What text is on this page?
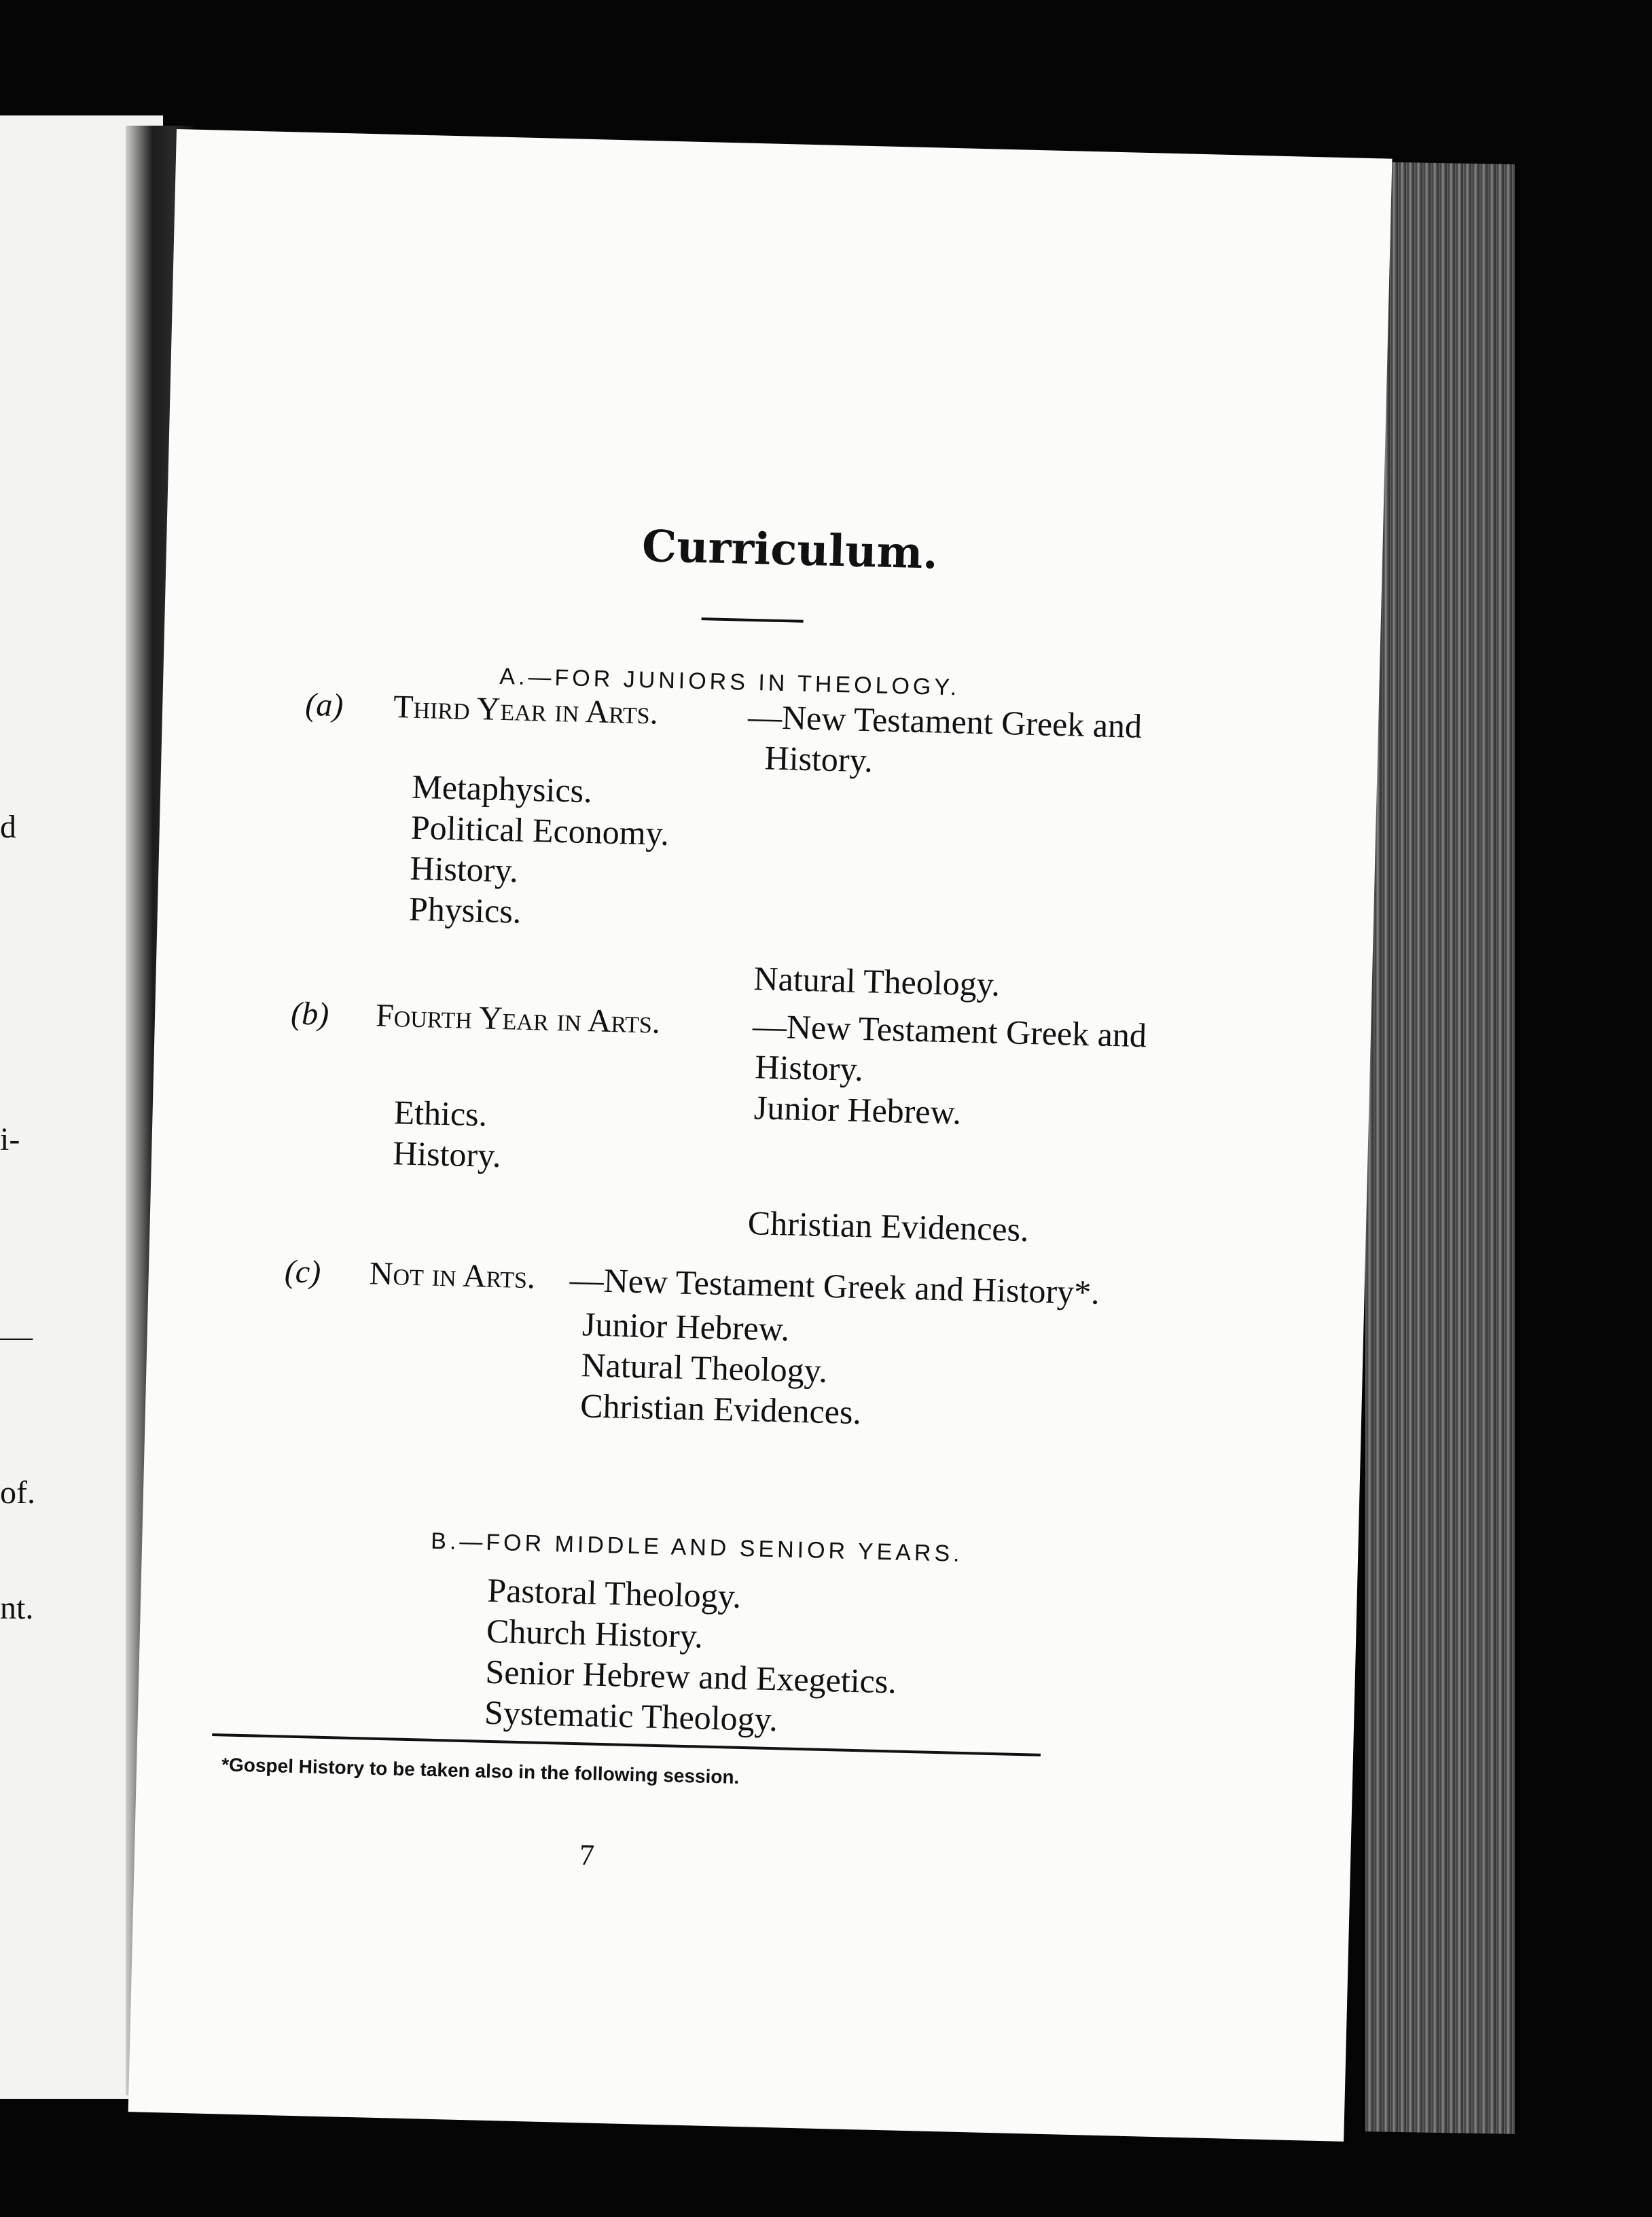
d
i-
—
of.
nt.
Curriculum.
A.—FOR JUNIORS IN THEOLOGY.
(a) Third Year in Arts.	—New Testament Greek and
History.
Metaphysics.
Political Economy.
History.
Physics.
Natural Theology.
(b) Fourth Year in Arts.	—New Testament Greek and
History.
Junior Hebrew.
Ethics.
History.
Christian Evidences.
(c) Not in Arts. —New Testament Greek and History*.
Junior Hebrew.
Natural Theology.
Christian Evidences.
B.—FOR MIDDLE AND SENIOR YEARS.
Pastoral Theology.
Church History.
Senior Hebrew and Exegetics.
Systematic Theology.
*Gospel History to be taken also in the following session.
7
